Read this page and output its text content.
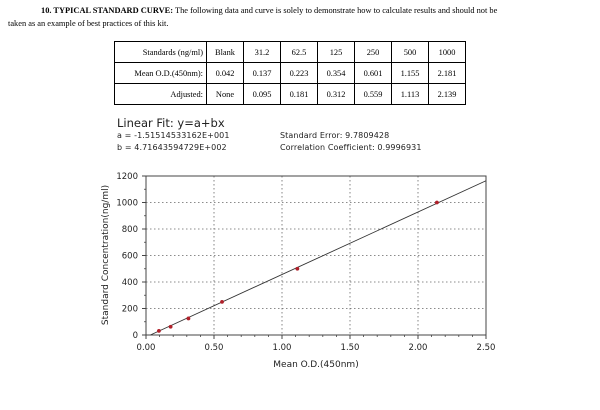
10. TYPICAL STANDARD CURVE: The following data and curve is solely to demonstrate how to calculate results and should not be
taken as an example of best practices of this kit.
Standards (ng/ml)	Blank	31.2	62.5	125	250	500	1000
Mean O.D.(450nm):	0.042	0.137	0.223	0.354	0.601	1.155	2.181
Adjusted:	None	0.095	0.181	0.312	0.559	1.113	2.139
Linear Fit: y=a+bx
a = -1.51514533162E+001
b = 4.71643594729E+002
Standard Error: 9.7809428
Correlation Coefficient: 0.9996931
0.00	0.50	1.00	1.50	2.00	2.50
0
200
400
600
800
1000
1200
Mean O.D.(450nm)
Standard Concentration(ng/ml)
